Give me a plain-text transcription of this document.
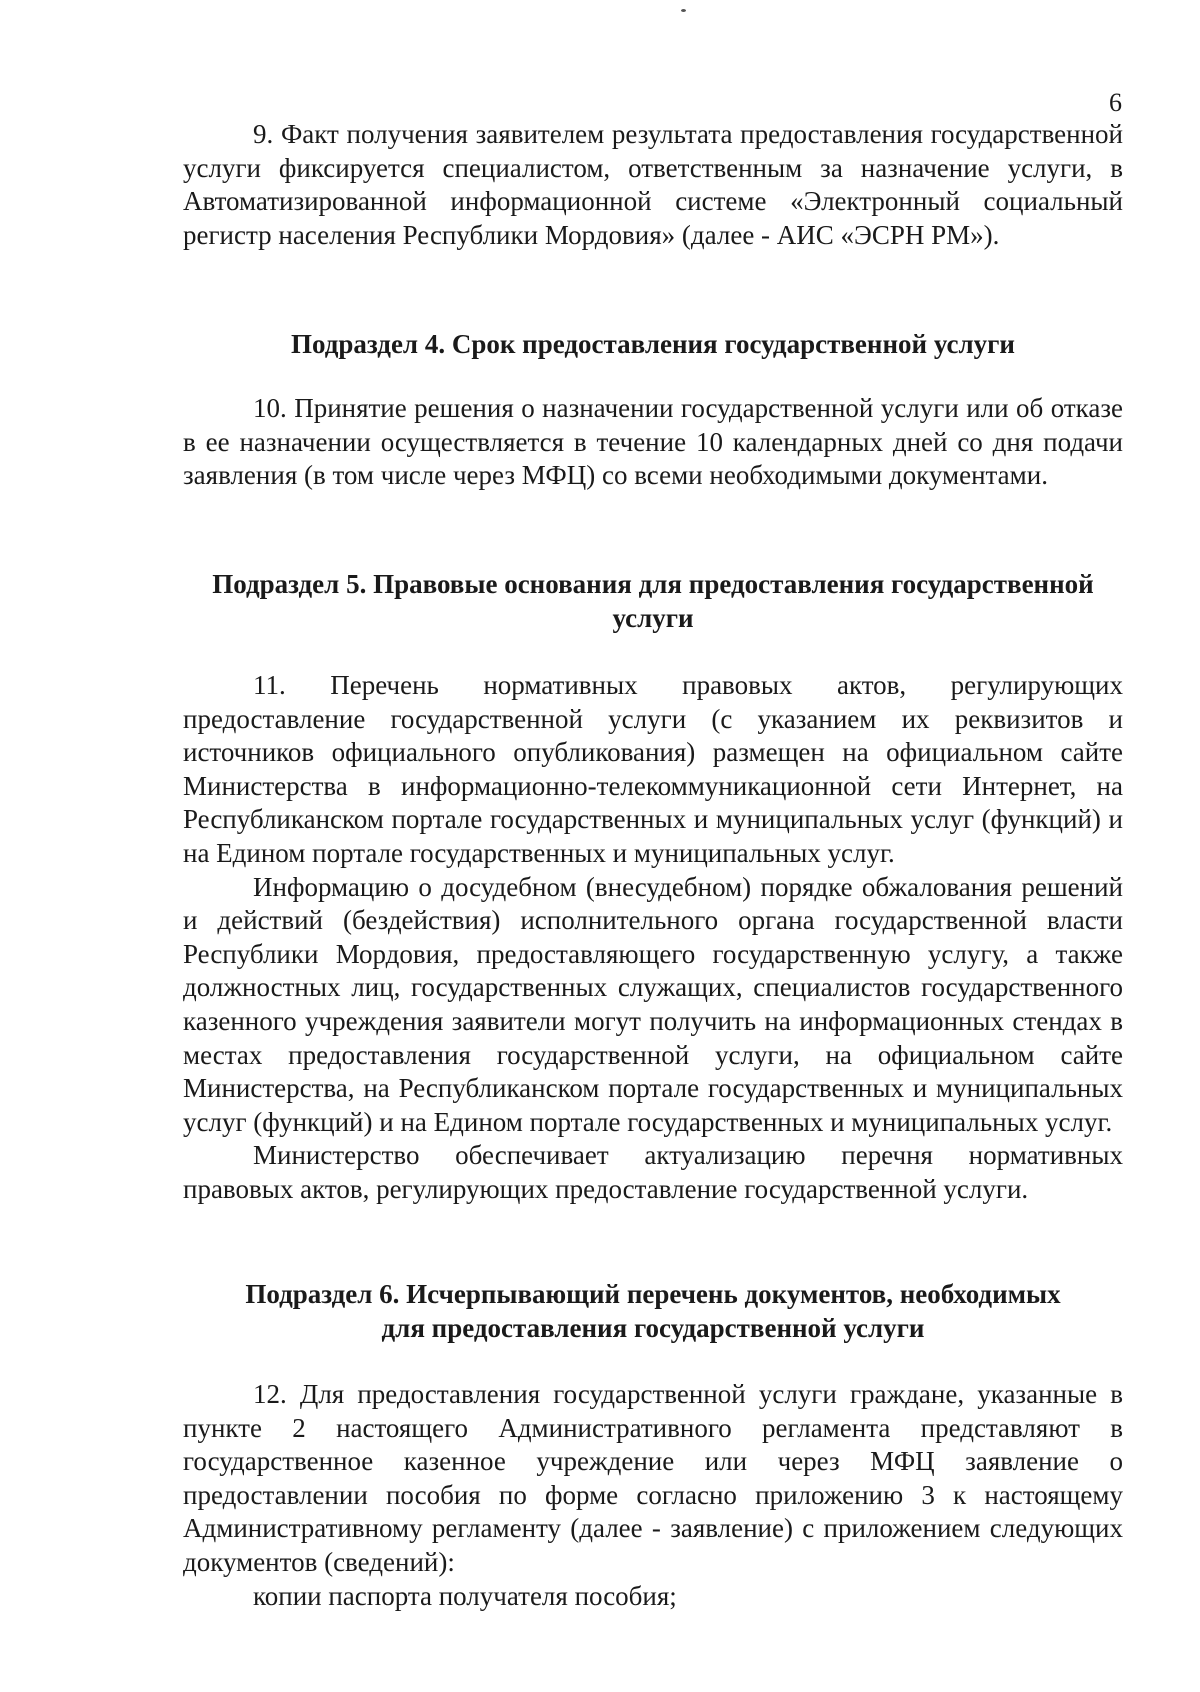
6

9. Факт получения заявителем результата предоставления государственной услуги фиксируется специалистом, ответственным за назначение услуги, в Автоматизированной информационной системе «Электронный социальный регистр населения Республики Мордовия» (далее - АИС «ЭСРН РМ»).

Подраздел 4. Срок предоставления государственной услуги

10. Принятие решения о назначении государственной услуги или об отказе в ее назначении осуществляется в течение 10 календарных дней со дня подачи заявления (в том числе через МФЦ) со всеми необходимыми документами.

Подраздел 5. Правовые основания для предоставления государственной

услуги

11. Перечень нормативных правовых актов, регулирующих предоставление государственной услуги (с указанием их реквизитов и источников официального опубликования) размещен на официальном сайте Министерства в информационно-телекоммуникационной сети Интернет, на Республиканском портале государственных и муниципальных услуг (функций) и на Едином портале государственных и муниципальных услуг.

Информацию о досудебном (внесудебном) порядке обжалования решений и действий (бездействия) исполнительного органа государственной власти Республики Мордовия, предоставляющего государственную услугу, а также должностных лиц, государственных служащих, специалистов государственного казенного учреждения заявители могут получить на информационных стендах в местах предоставления государственной услуги, на официальном сайте Министерства, на Республиканском портале государственных и муниципальных услуг (функций) и на Едином портале государственных и муниципальных услуг.

Министерство обеспечивает актуализацию перечня нормативных правовых актов, регулирующих предоставление государственной услуги.

Подраздел 6. Исчерпывающий перечень документов, необходимых

для предоставления государственной услуги

12. Для предоставления государственной услуги граждане, указанные в пункте 2 настоящего Административного регламента представляют в государственное казенное учреждение или через МФЦ заявление о предоставлении пособия по форме согласно приложению 3 к настоящему Административному регламенту (далее - заявление) с приложением следующих документов (сведений):

копии паспорта получателя пособия;
